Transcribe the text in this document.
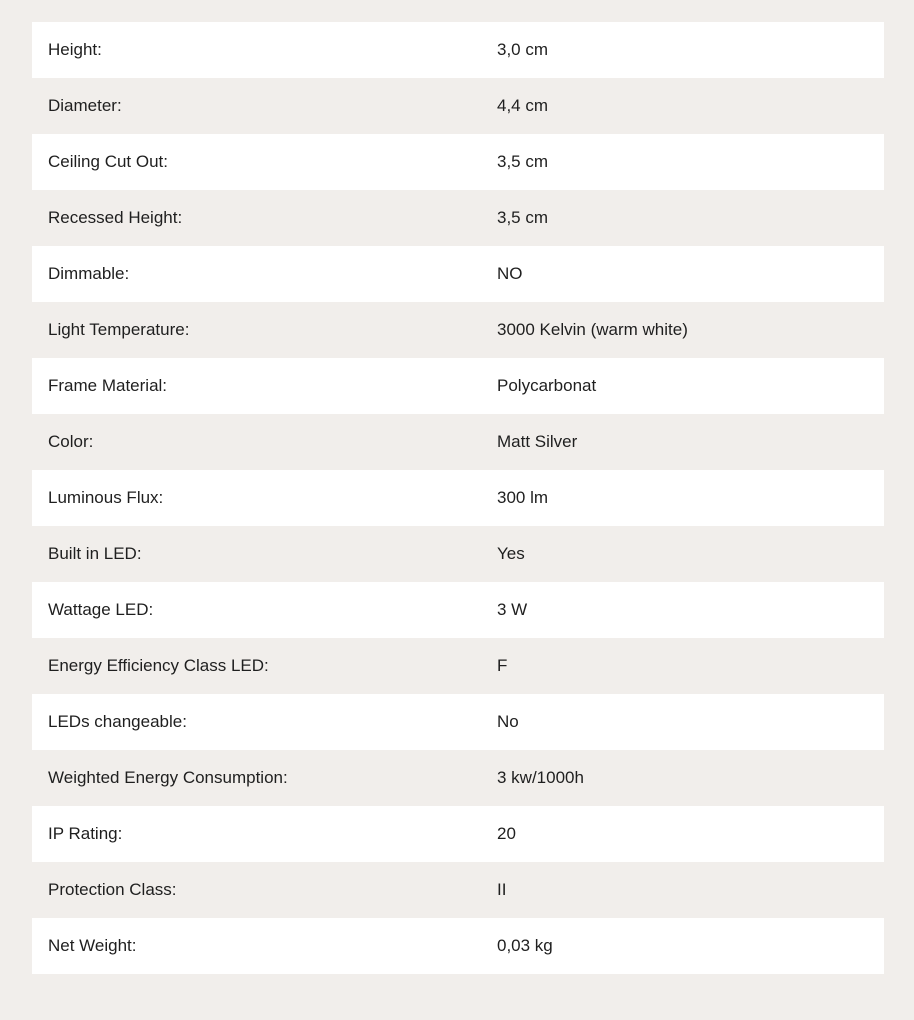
Height:	3,0 cm
Diameter:	4,4 cm
Ceiling Cut Out:	3,5 cm
Recessed Height:	3,5 cm
Dimmable:	NO
Light Temperature:	3000 Kelvin (warm white)
Frame Material:	Polycarbonat
Color:	Matt Silver
Luminous Flux:	300 lm
Built in LED:	Yes
Wattage LED:	3 W
Energy Efficiency Class LED:	F
LEDs changeable:	No
Weighted Energy Consumption:	3 kw/1000h
IP Rating:	20
Protection Class:	II
Net Weight:	0,03 kg
